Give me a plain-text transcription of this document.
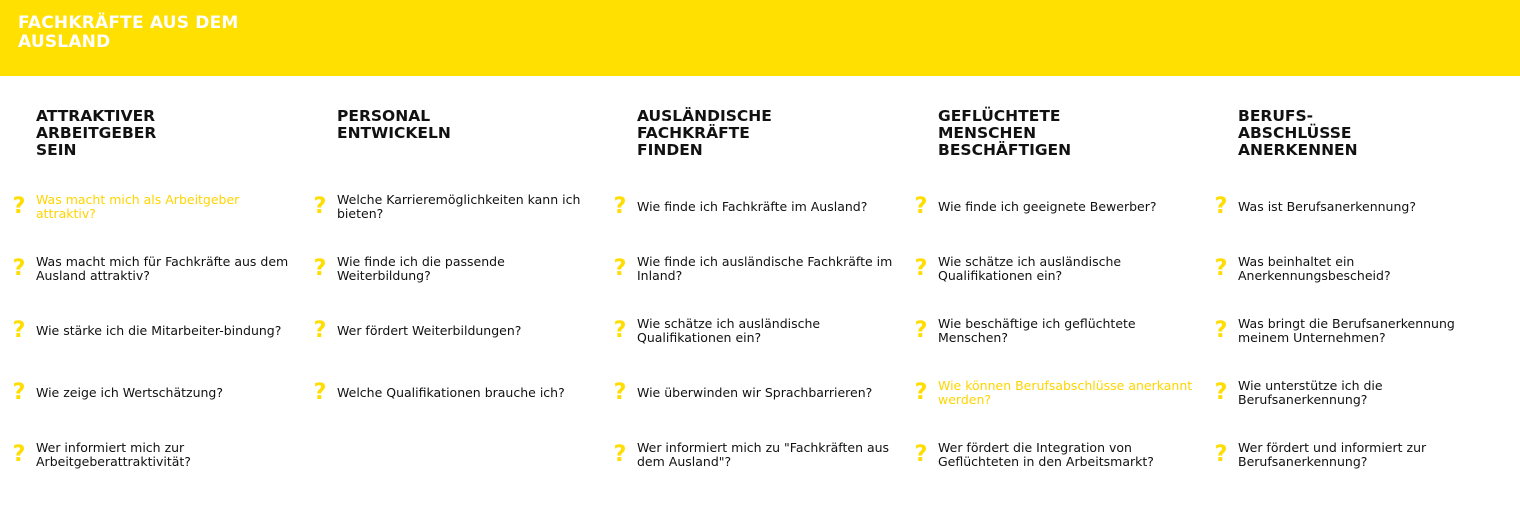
FACHKRÄFTE AUS DEM AUSLAND
ATTRAKTIVER
ARBEITGEBER
SEIN
? Was macht mich als Arbeitgeber attraktiv?
? Was macht mich für Fachkräfte aus dem Ausland attraktiv?
? Wie stärke ich die Mitarbeiter-bindung?
? Wie zeige ich Wertschätzung?
? Wer informiert mich zur Arbeitgeberattraktivität?
PERSONAL
ENTWICKELN
? Welche Karrieremöglichkeiten kann ich bieten?
? Wie finde ich die passende Weiterbildung?
? Wer fördert Weiterbildungen?
? Welche Qualifikationen brauche ich?
AUSLÄNDISCHE
FACHKRÄFTE
FINDEN
? Wie finde ich Fachkräfte im Ausland?
? Wie finde ich ausländische Fachkräfte im Inland?
? Wie schätze ich ausländische Qualifikationen ein?
? Wie überwinden wir Sprachbarrieren?
? Wer informiert mich zu "Fachkräften aus dem Ausland"?
GEFLÜCHTETE
MENSCHEN
BESCHÄFTIGEN
? Wie finde ich geeignete Bewerber?
? Wie schätze ich ausländische Qualifikationen ein?
? Wie beschäftige ich geflüchtete Menschen?
? Wie können Berufsabschlüsse anerkannt werden?
? Wer fördert die Integration von Geflüchteten in den Arbeitsmarkt?
BERUFS-
ABSCHLÜSSE
ANERKENNEN
? Was ist Berufsanerkennung?
? Was beinhaltet ein Anerkennungsbescheid?
? Was bringt die Berufsanerkennung meinem Unternehmen?
? Wie unterstütze ich die Berufsanerkennung?
? Wer fördert und informiert zur Berufsanerkennung?
